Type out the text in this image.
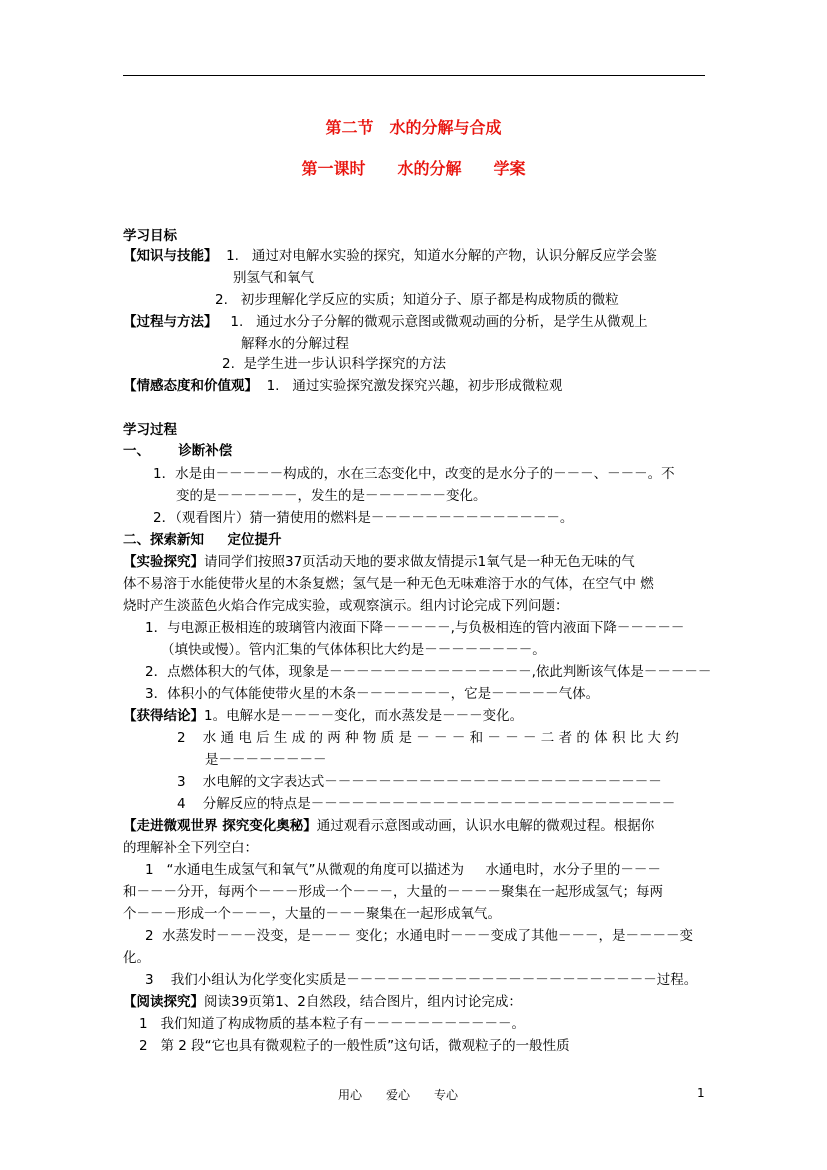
第二节　水的分解与合成
第一课时　　水的分解　　学案
学习目标
【知识与技能】  1.   通过对电解水实验的探究，知道水分解的产物，认识分解反应学会鉴
别氢气和氧气
2.   初步理解化学反应的实质；知道分子、原子都是构成物质的微粒
【过程与方法】   1.   通过水分子分解的微观示意图或微观动画的分析，是学生从微观上
解释水的分解过程
2.  是学生进一步认识科学探究的方法
【情感态度和价值观】  1.   通过实验探究激发探究兴趣，初步形成微粒观
学习过程
一、      诊断补偿
1．水是由－－－－－构成的，水在三态变化中，改变的是水分子的－－－、－－－。不
变的是－－－－－－，发生的是－－－－－－变化。
2．（观看图片）猜一猜使用的燃料是－－－－－－－－－－－－－－。
二、探索新知     定位提升
【实验探究】请同学们按照37页活动天地的要求做友情提示1氧气是一种无色无味的气
体不易溶于水能使带火星的木条复燃；氢气是一种无色无味难溶于水的气体，在空气中 燃
烧时产生淡蓝色火焰合作完成实验，或观察演示。组内讨论完成下列问题：
1．与电源正极相连的玻璃管内液面下降－－－－－,与负极相连的管内液面下降－－－－－
（填快或慢）。管内汇集的气体体积比大约是－－－－－－－－。
2．点燃体积大的气体，现象是－－－－－－－－－－－－－－－,依此判断该气体是－－－－－
3．体积小的气体能使带火星的木条－－－－－－－，它是－－－－－气体。
【获得结论】1。电解水是－－－－变化，而水蒸发是－－－变化。
2    水 通 电 后 生 成 的 两 种 物 质 是 － － － 和 － － － 二 者 的 体 积 比 大 约
是－－－－－－－－
3    水电解的文字表达式－－－－－－－－－－－－－－－－－－－－－－－－－
4    分解反应的特点是－－－－－－－－－－－－－－－－－－－－－－－－－－－
【走进微观世界 探究变化奥秘】通过观看示意图或动画，认识水电解的微观过程。根据你
的理解补全下列空白：
1   “水通电生成氢气和氧气”从微观的角度可以描述为     水通电时，水分子里的－－－
和－－－分开，每两个－－－形成一个－－－，大量的－－－－聚集在一起形成氢气；每两
个－－－形成一个－－－，大量的－－－聚集在一起形成氧气。
2  水蒸发时－－－没变，是－－－ 变化；水通电时－－－变成了其他－－－，是－－－－变
化。
3    我们小组认为化学变化实质是－－－－－－－－－－－－－－－－－－－－－－－过程。
【阅读探究】阅读39页第1、2自然段，结合图片，组内讨论完成：
1   我们知道了构成物质的基本粒子有－－－－－－－－－－－。
2   第 2 段“它也具有微观粒子的一般性质”这句话，微观粒子的一般性质
用心　　爱心　　专心	1
